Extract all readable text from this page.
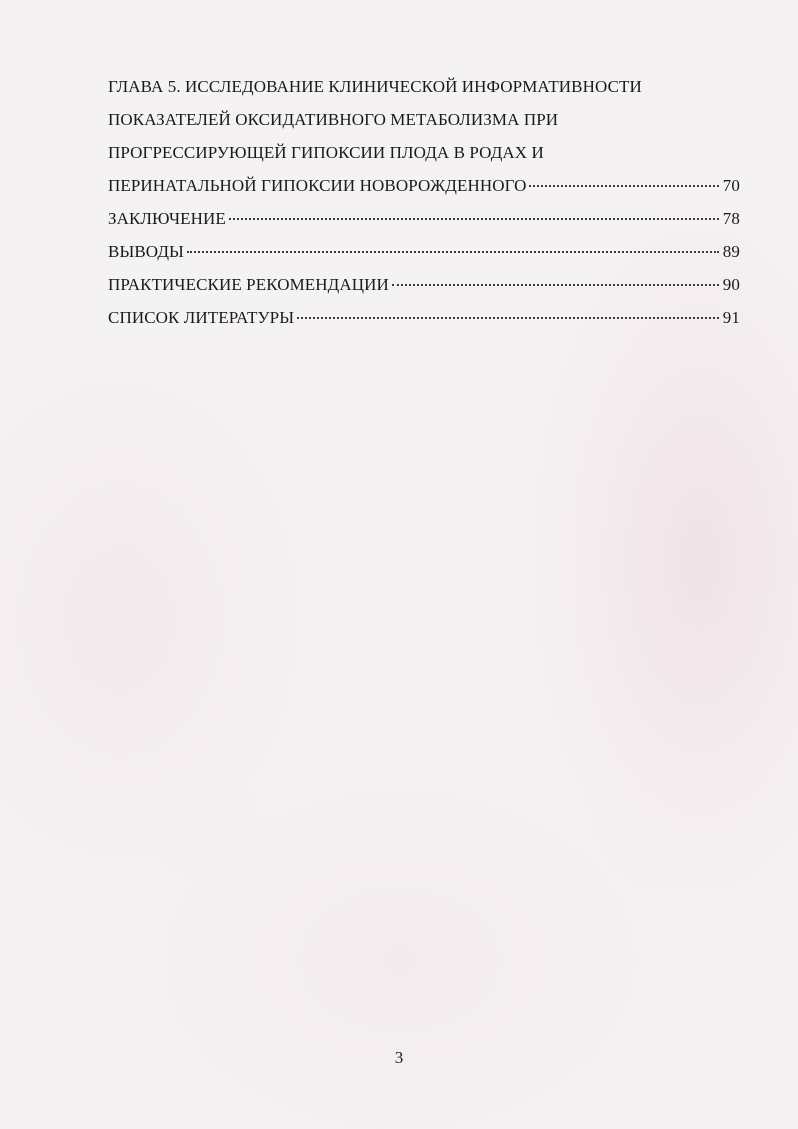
ГЛАВА 5. ИССЛЕДОВАНИЕ КЛИНИЧЕСКОЙ ИНФОРМАТИВНОСТИ
ПОКАЗАТЕЛЕЙ ОКСИДАТИВНОГО МЕТАБОЛИЗМА ПРИ
ПРОГРЕССИРУЮЩЕЙ ГИПОКСИИ ПЛОДА В РОДАХ И
ПЕРИНАТАЛЬНОЙ ГИПОКСИИ НОВОРОЖДЕННОГО	70
ЗАКЛЮЧЕНИЕ	78
ВЫВОДЫ	89
ПРАКТИЧЕСКИЕ РЕКОМЕНДАЦИИ	90
СПИСОК ЛИТЕРАТУРЫ	91
3
